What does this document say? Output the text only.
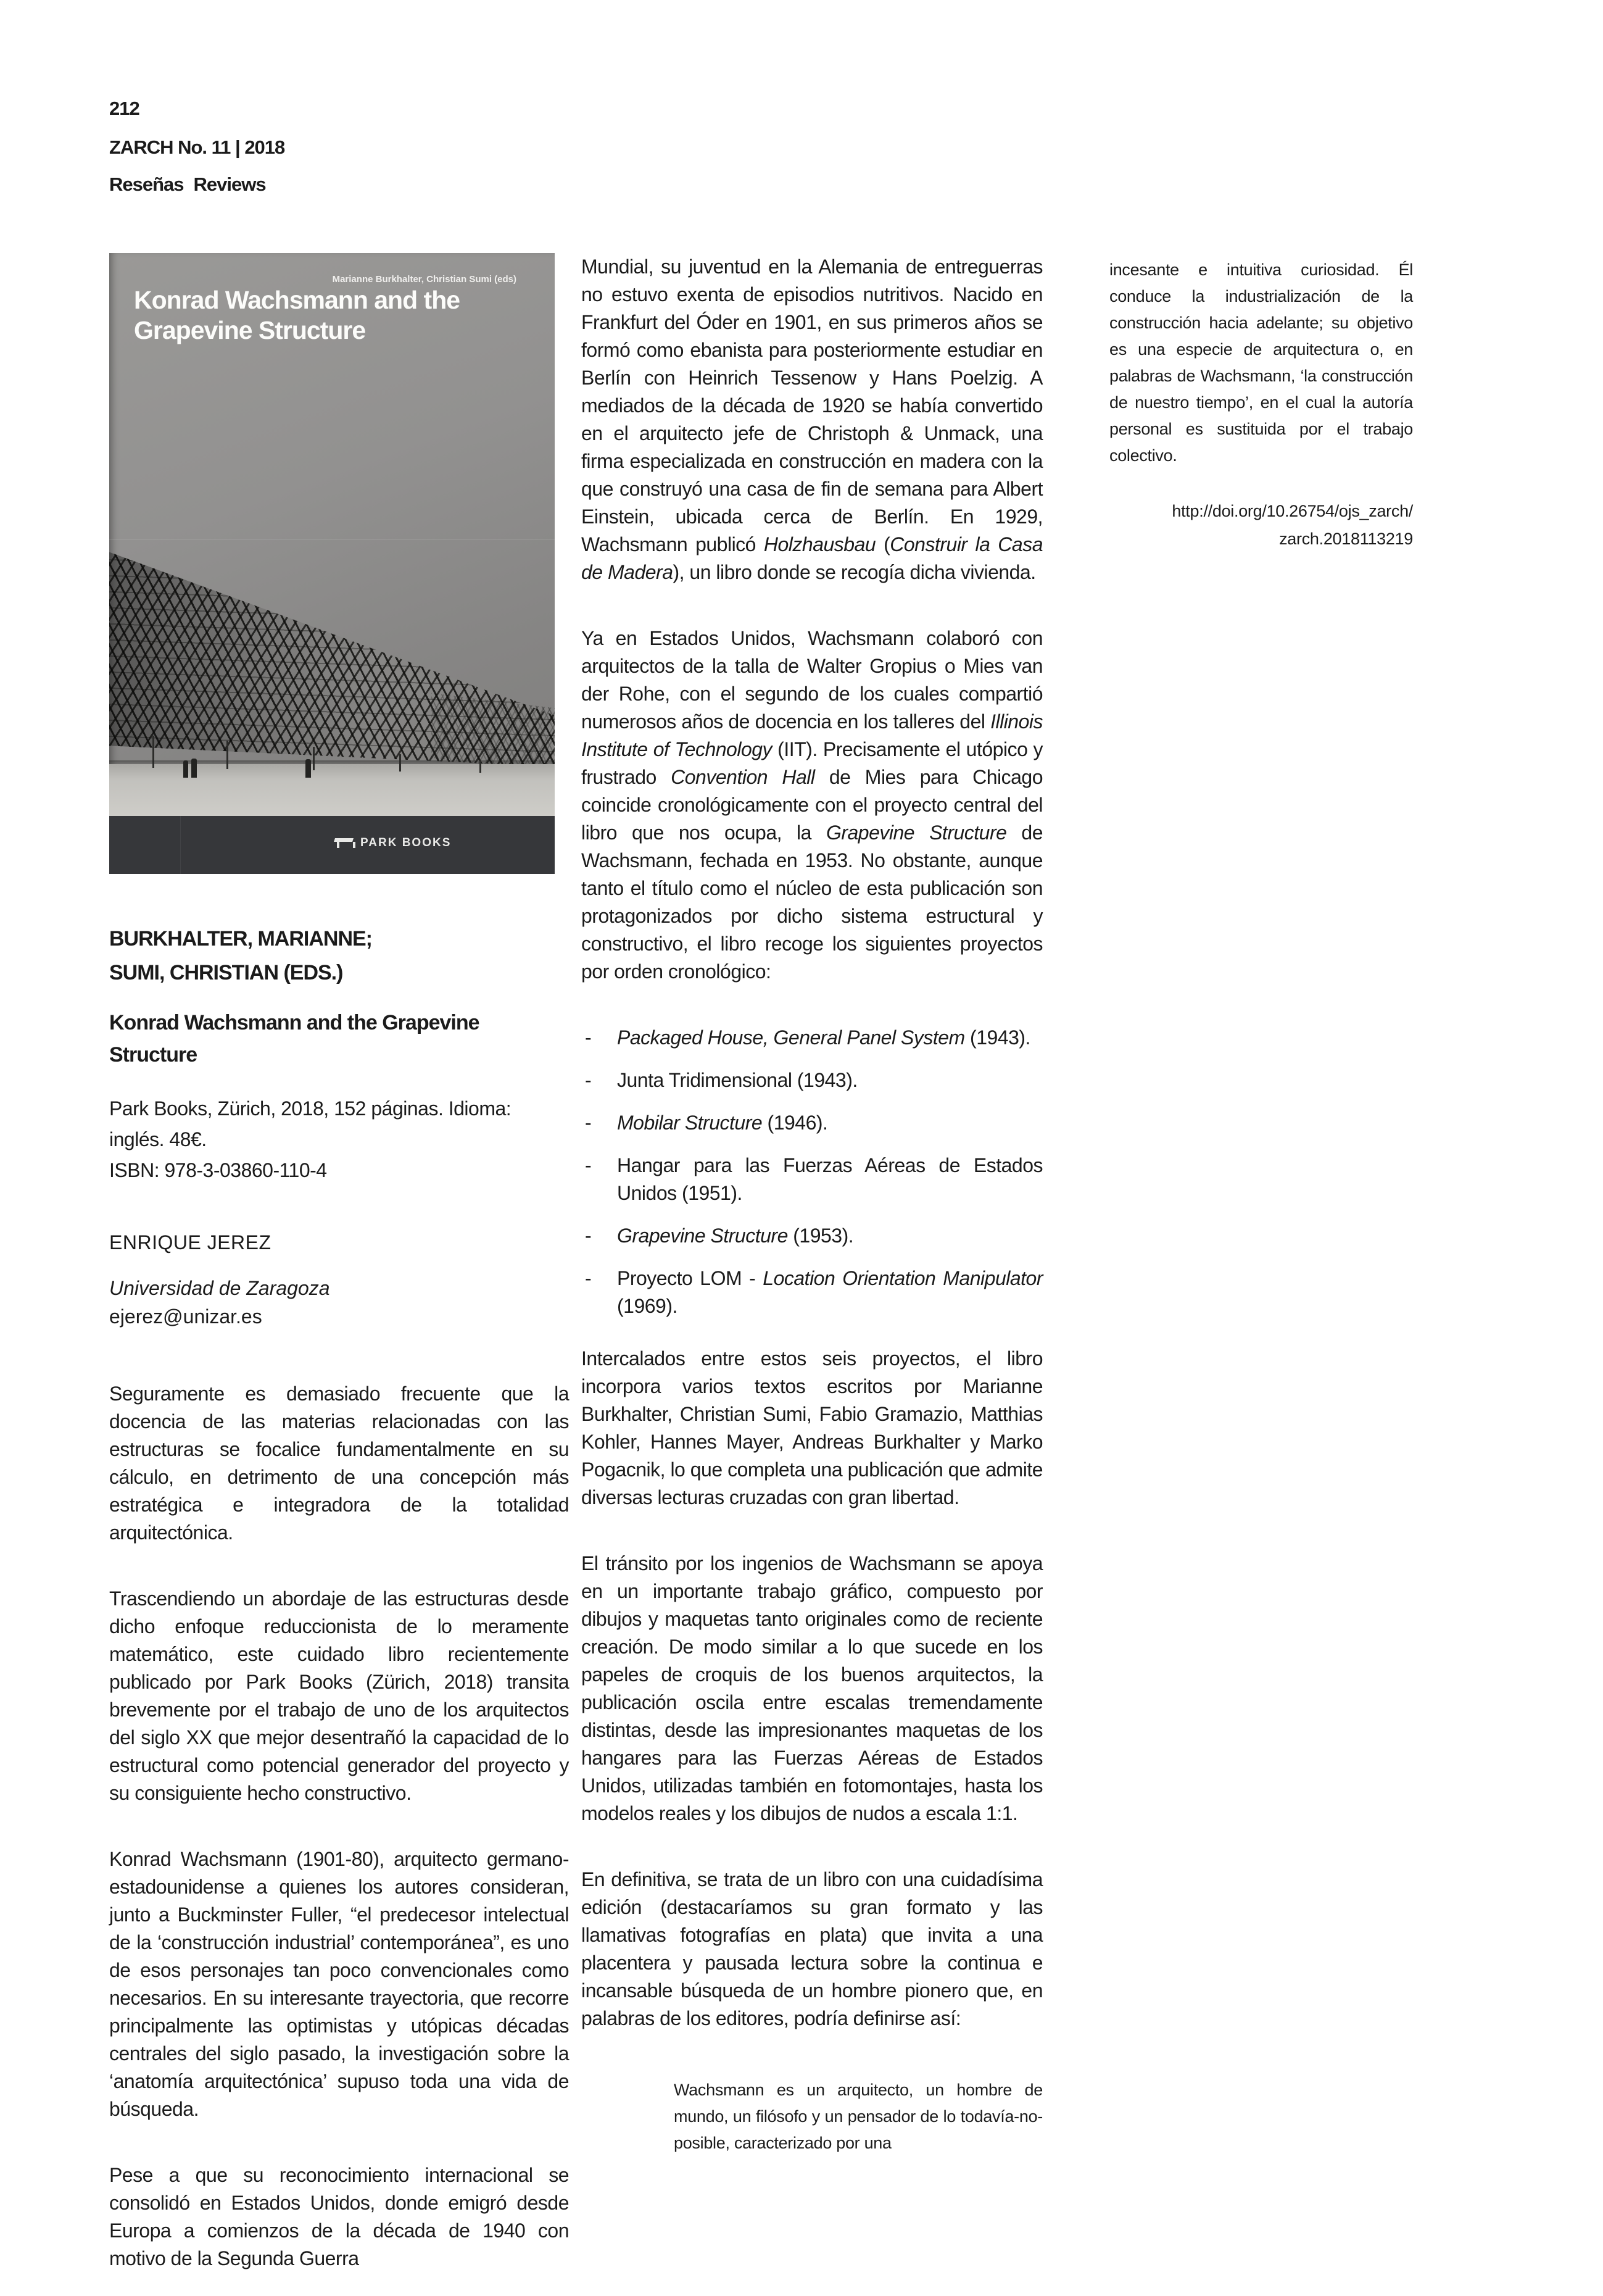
212
ZARCH No. 11 | 2018
Reseñas Reviews
Marianne Burkhalter, Christian Sumi (eds)
Konrad Wachsmann and the
Grapevine Structure
PARK BOOKS
BURKHALTER, MARIANNE;
SUMI, CHRISTIAN (EDS.)
Konrad Wachsmann and the Grapevine Structure
Park Books, Zürich, 2018, 152 páginas. Idioma: inglés. 48€.
ISBN: 978-3-03860-110-4
ENRIQUE JEREZ
Universidad de Zaragoza
ejerez@unizar.es

Seguramente es demasiado frecuente que la docencia de las materias relacionadas con las estructuras se focalice fundamentalmente en su cálculo, en detrimento de una concepción más estratégica e integradora de la totalidad arquitectónica.

Trascendiendo un abordaje de las estructuras desde dicho enfoque reduccionista de lo meramente matemático, este cuidado libro recientemente publicado por Park Books (Zürich, 2018) transita brevemente por el trabajo de uno de los arquitectos del siglo XX que mejor desentrañó la capacidad de lo estructural como potencial generador del proyecto y su consiguiente hecho constructivo.

Konrad Wachsmann (1901-80), arquitecto germano-estadounidense a quienes los autores consideran, junto a Buckminster Fuller, “el predecesor intelectual de la ‘construcción industrial’ contemporánea”, es uno de esos personajes tan poco convencionales como necesarios. En su interesante trayectoria, que recorre principalmente las optimistas y utópicas décadas centrales del siglo pasado, la investigación sobre la ‘anatomía arquitectónica’ supuso toda una vida de búsqueda.

Pese a que su reconocimiento internacional se consolidó en Estados Unidos, donde emigró desde Europa a comienzos de la década de 1940 con motivo de la Segunda Guerra

Mundial, su juventud en la Alemania de entreguerras no estuvo exenta de episodios nutritivos. Nacido en Frankfurt del Óder en 1901, en sus primeros años se formó como ebanista para posteriormente estudiar en Berlín con Heinrich Tessenow y Hans Poelzig. A mediados de la década de 1920 se había convertido en el arquitecto jefe de Christoph & Unmack, una firma especializada en construcción en madera con la que construyó una casa de fin de semana para Albert Einstein, ubicada cerca de Berlín. En 1929, Wachsmann publicó Holzhausbau (Construir la Casa de Madera), un libro donde se recogía dicha vivienda.

Ya en Estados Unidos, Wachsmann colaboró con arquitectos de la talla de Walter Gropius o Mies van der Rohe, con el segundo de los cuales compartió numerosos años de docencia en los talleres del Illinois Institute of Technology (IIT). Precisamente el utópico y frustrado Convention Hall de Mies para Chicago coincide cronológicamente con el proyecto central del libro que nos ocupa, la Grapevine Structure de Wachsmann, fechada en 1953. No obstante, aunque tanto el título como el núcleo de esta publicación son protagonizados por dicho sistema estructural y constructivo, el libro recoge los siguientes proyectos por orden cronológico:

- Packaged House, General Panel System (1943).
- Junta Tridimensional (1943).
- Mobilar Structure (1946).
- Hangar para las Fuerzas Aéreas de Estados Unidos (1951).
- Grapevine Structure (1953).
- Proyecto LOM - Location Orientation Manipulator (1969).

Intercalados entre estos seis proyectos, el libro incorpora varios textos escritos por Marianne Burkhalter, Christian Sumi, Fabio Gramazio, Matthias Kohler, Hannes Mayer, Andreas Burkhalter y Marko Pogacnik, lo que completa una publicación que admite diversas lecturas cruzadas con gran libertad.

El tránsito por los ingenios de Wachsmann se apoya en un importante trabajo gráfico, compuesto por dibujos y maquetas tanto originales como de reciente creación. De modo similar a lo que sucede en los papeles de croquis de los buenos arquitectos, la publicación oscila entre escalas tremendamente distintas, desde las impresionantes maquetas de los hangares para las Fuerzas Aéreas de Estados Unidos, utilizadas también en fotomontajes, hasta los modelos reales y los dibujos de nudos a escala 1:1.

En definitiva, se trata de un libro con una cuidadísima edición (destacaríamos su gran formato y las llamativas fotografías en plata) que invita a una placentera y pausada lectura sobre la continua e incansable búsqueda de un hombre pionero que, en palabras de los editores, podría definirse así:

Wachsmann es un arquitecto, un hombre de mundo, un filósofo y un pensador de lo todavía-no-posible, caracterizado por una
incesante e intuitiva curiosidad. Él conduce la industrialización de la construcción hacia adelante; su objetivo es una especie de arquitectura o, en palabras de Wachsmann, ‘la construcción de nuestro tiempo’, en el cual la autoría personal es sustituida por el trabajo colectivo.
http://doi.org/10.26754/ojs_zarch/
zarch.2018113219
